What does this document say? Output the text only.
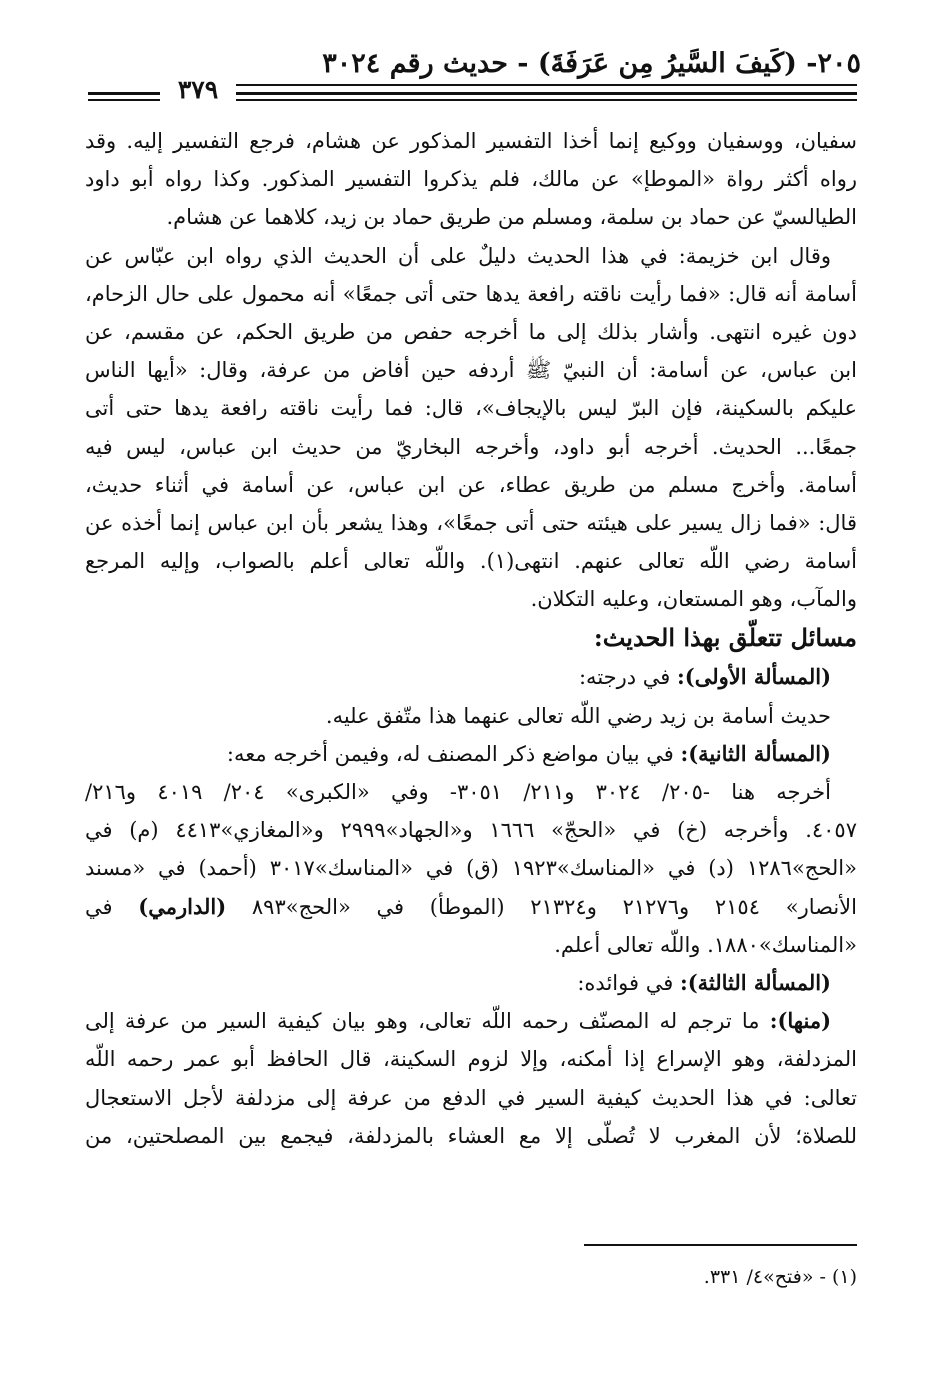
٢٠٥- (كَيفَ السَّيرُ مِن عَرَفَةَ) - حديث رقم ٣٠٢٤
٣٧٩
سفيان، ووسفيان ووكيع إنما أخذا التفسير المذكور عن هشام، فرجع التفسير إليه. وقد
رواه أكثر رواة «الموطإ» عن مالك، فلم يذكروا التفسير المذكور. وكذا رواه أبو داود
الطيالسيّ عن حماد بن سلمة، ومسلم من طريق حماد بن زيد، كلاهما عن هشام.
وقال ابن خزيمة: في هذا الحديث دليلٌ على أن الحديث الذي رواه ابن عبّاس عن
أسامة أنه قال: «فما رأيت ناقته رافعة يدها حتى أتى جمعًا» أنه محمول على حال الزحام،
دون غيره انتهى. وأشار بذلك إلى ما أخرجه حفص من طريق الحكم، عن مقسم، عن
ابن عباس، عن أسامة: أن النبيّ ﷺ أردفه حين أفاض من عرفة، وقال: «أيها الناس
عليكم بالسكينة، فإن البرّ ليس بالإيجاف»، قال: فما رأيت ناقته رافعة يدها حتى أتى
جمعًا... الحديث. أخرجه أبو داود، وأخرجه البخاريّ من حديث ابن عباس، ليس فيه
أسامة. وأخرج مسلم من طريق عطاء، عن ابن عباس، عن أسامة في أثناء حديث،
قال: «فما زال يسير على هيئته حتى أتى جمعًا»، وهذا يشعر بأن ابن عباس إنما أخذه عن
أسامة رضي اللّه تعالى عنهم. انتهى(١). واللّه تعالى أعلم بالصواب، وإليه المرجع
والمآب، وهو المستعان، وعليه التكلان.
مسائل تتعلّق بهذا الحديث:
(المسألة الأولى): في درجته:
حديث أسامة بن زيد رضي اللّه تعالى عنهما هذا متّفق عليه.
(المسألة الثانية): في بيان مواضع ذكر المصنف له، وفيمن أخرجه معه:
أخرجه هنا -٢٠٥/ ٣٠٢٤ و٢١١/ ٣٠٥١- وفي «الكبرى» ٢٠٤/ ٤٠١٩ و٢١٦/
٤٠٥٧. وأخرجه (خ) في «الحجّ» ١٦٦٦ و«الجهاد»٢٩٩٩ و«المغازي»٤٤١٣ (م) في
«الحج»١٢٨٦ (د) في «المناسك»١٩٢٣ (ق) في «المناسك»٣٠١٧ (أحمد) في «مسند
الأنصار» ٢١٥٤ و٢١٢٧٦ و٢١٣٢٤ (الموطأ) في «الحج»٨٩٣ (الدارمي) في
«المناسك»١٨٨٠. واللّه تعالى أعلم.
(المسألة الثالثة): في فوائده:
(منها): ما ترجم له المصنّف رحمه اللّه تعالى، وهو بيان كيفية السير من عرفة إلى
المزدلفة، وهو الإسراع إذا أمكنه، وإلا لزوم السكينة، قال الحافظ أبو عمر رحمه اللّه
تعالى: في هذا الحديث كيفية السير في الدفع من عرفة إلى مزدلفة لأجل الاستعجال
للصلاة؛ لأن المغرب لا تُصلّى إلا مع العشاء بالمزدلفة، فيجمع بين المصلحتين، من
(١) - «فتح»٤/ ٣٣١.
